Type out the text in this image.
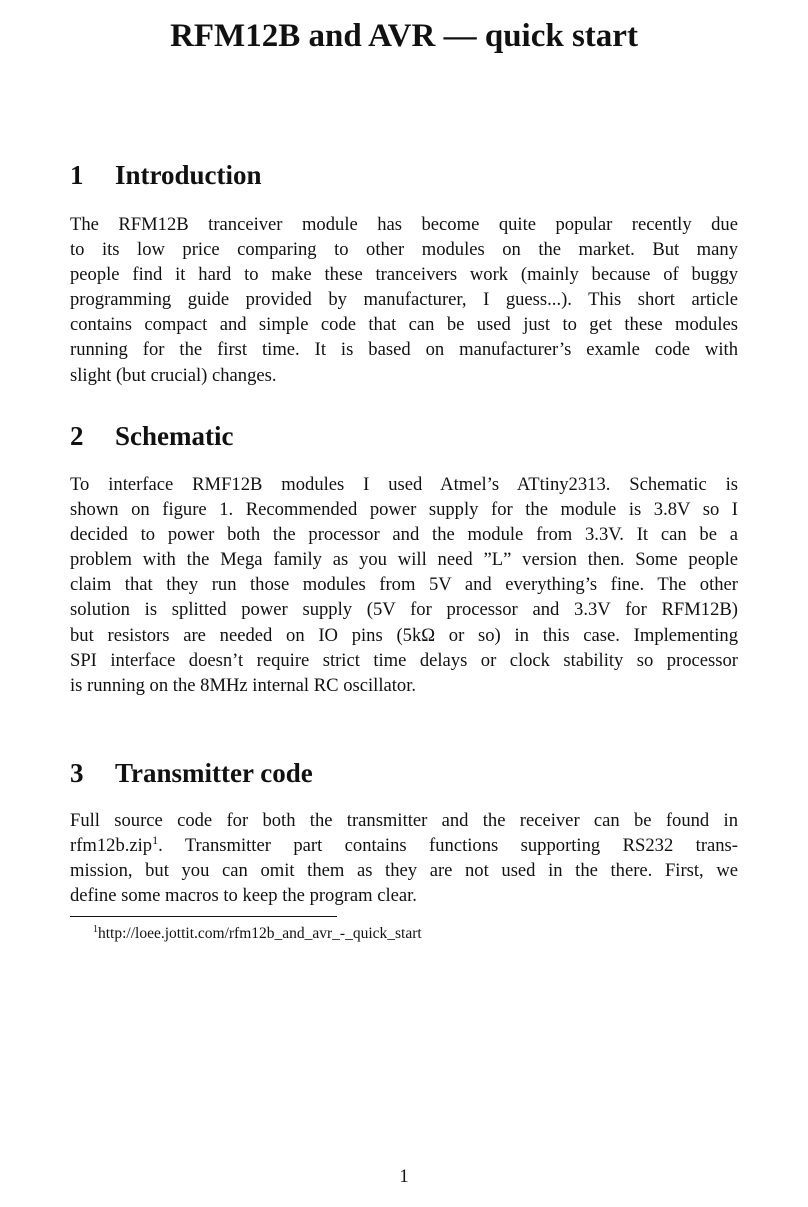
RFM12B and AVR — quick start
1 Introduction

The RFM12B tranceiver module has become quite popular recently due
to its low price comparing to other modules on the market. But many
people find it hard to make these tranceivers work (mainly because of buggy
programming guide provided by manufacturer, I guess...). This short article
contains compact and simple code that can be used just to get these modules
running for the first time. It is based on manufacturer’s examle code with
slight (but crucial) changes.

2 Schematic

To interface RMF12B modules I used Atmel’s ATtiny2313. Schematic is
shown on figure 1. Recommended power supply for the module is 3.8V so I
decided to power both the processor and the module from 3.3V. It can be a
problem with the Mega family as you will need ”L” version then. Some people
claim that they run those modules from 5V and everything’s fine. The other
solution is splitted power supply (5V for processor and 3.3V for RFM12B)
but resistors are needed on IO pins (5kΩ or so) in this case. Implementing
SPI interface doesn’t require strict time delays or clock stability so processor
is running on the 8MHz internal RC oscillator.

3 Transmitter code

Full source code for both the transmitter and the receiver can be found in
rfm12b.zip$^1$. Transmitter part contains functions supporting RS232 trans-
mission, but you can omit them as they are not used in the there. First, we
define some macros to keep the program clear.

$^1$http://loee.jottit.com/rfm12b_and_avr_-_quick_start

1
